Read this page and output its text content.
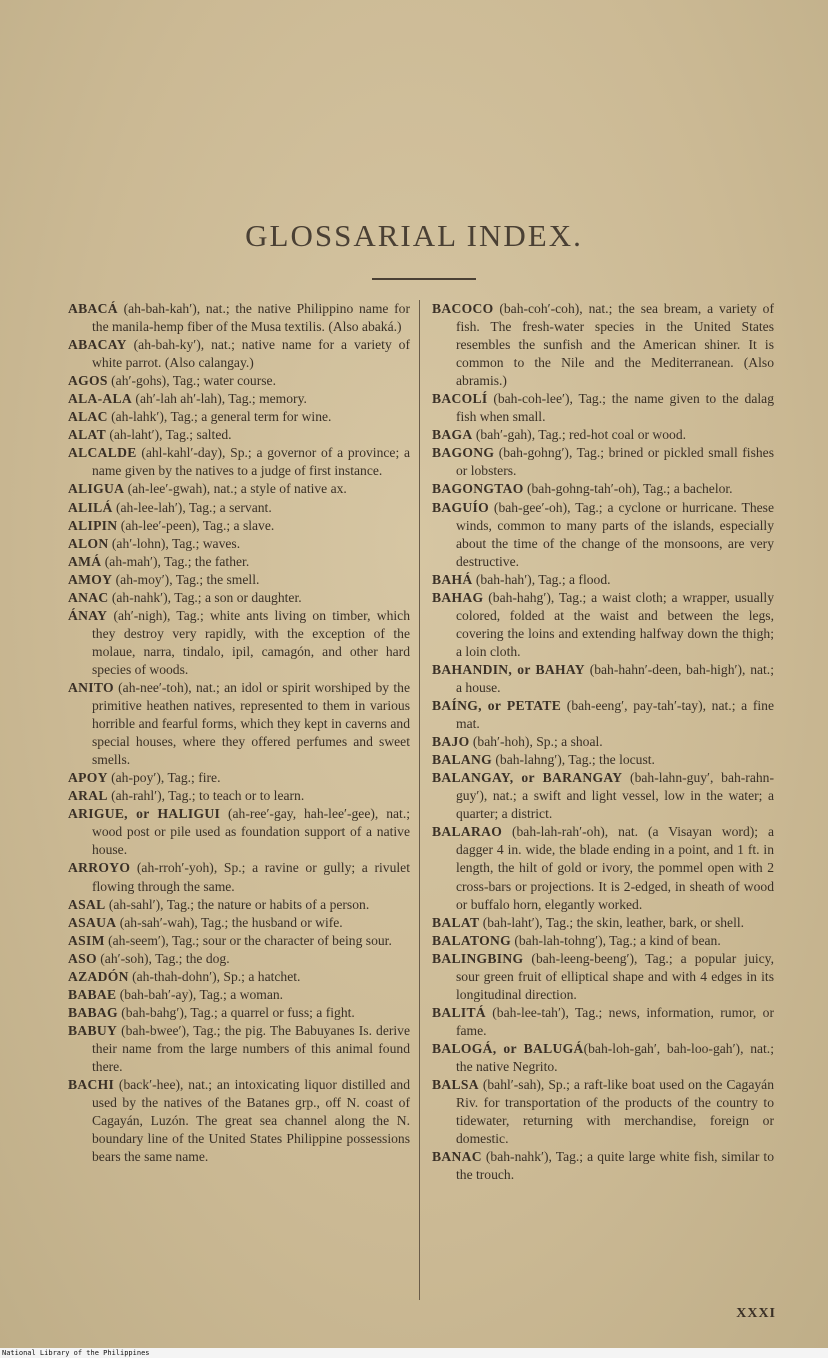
GLOSSARIAL INDEX.

ABACÁ (ah-bah-kah′), nat.; the native Philippino name for the manila-hemp fiber of the Musa textilis. (Also abaká.)

ABACAY (ah-bah-ky′), nat.; native name for a variety of white parrot. (Also calangay.)

AGOS (ah′-gohs), Tag.; water course.

ALA-ALA (ah′-lah ah′-lah), Tag.; memory.

ALAC (ah-lahk′), Tag.; a general term for wine.

ALAT (ah-laht′), Tag.; salted.

ALCALDE (ahl-kahl′-day), Sp.; a governor of a province; a name given by the natives to a judge of first instance.

ALIGUA (ah-lee′-gwah), nat.; a style of native ax.

ALILÁ (ah-lee-lah′), Tag.; a servant.

ALIPIN (ah-lee′-peen), Tag.; a slave.

ALON (ah′-lohn), Tag.; waves.

AMÁ (ah-mah′), Tag.; the father.

AMOY (ah-moy′), Tag.; the smell.

ANAC (ah-nahk′), Tag.; a son or daughter.

ÁNAY (ah′-nigh), Tag.; white ants living on timber, which they destroy very rapidly, with the exception of the molaue, narra, tindalo, ipil, camagón, and other hard species of woods.

ANITO (ah-nee′-toh), nat.; an idol or spirit worshiped by the primitive heathen natives, represented to them in various horrible and fearful forms, which they kept in caverns and special houses, where they offered perfumes and sweet smells.

APOY (ah-poy′), Tag.; fire.

ARAL (ah-rahl′), Tag.; to teach or to learn.

ARIGUE, or HALIGUI (ah-ree′-gay, hah-lee′-gee), nat.; wood post or pile used as foundation support of a native house.

ARROYO (ah-rroh′-yoh), Sp.; a ravine or gully; a rivulet flowing through the same.

ASAL (ah-sahl′), Tag.; the nature or habits of a person.

ASAUA (ah-sah′-wah), Tag.; the husband or wife.

ASIM (ah-seem′), Tag.; sour or the character of being sour.

ASO (ah′-soh), Tag.; the dog.

AZADÓN (ah-thah-dohn′), Sp.; a hatchet.

BABAE (bah-bah′-ay), Tag.; a woman.

BABAG (bah-bahg′), Tag.; a quarrel or fuss; a fight.

BABUY (bah-bwee′), Tag.; the pig. The Babuyanes Is. derive their name from the large numbers of this animal found there.

BACHI (back′-hee), nat.; an intoxicating liquor distilled and used by the natives of the Batanes grp., off N. coast of Cagayán, Luzón. The great sea channel along the N. boundary line of the United States Philippine possessions bears the same name.

BACOCO (bah-coh′-coh), nat.; the sea bream, a variety of fish. The fresh-water species in the United States resembles the sunfish and the American shiner. It is common to the Nile and the Mediterranean. (Also abramis.)

BACOLÍ (bah-coh-lee′), Tag.; the name given to the dalag fish when small.

BAGA (bah′-gah), Tag.; red-hot coal or wood.

BAGONG (bah-gohng′), Tag.; brined or pickled small fishes or lobsters.

BAGONGTAO (bah-gohng-tah′-oh), Tag.; a bachelor.

BAGUÍO (bah-gee′-oh), Tag.; a cyclone or hurricane. These winds, common to many parts of the islands, especially about the time of the change of the monsoons, are very destructive.

BAHÁ (bah-hah′), Tag.; a flood.

BAHAG (bah-hahg′), Tag.; a waist cloth; a wrapper, usually colored, folded at the waist and between the legs, covering the loins and extending halfway down the thigh; a loin cloth.

BAHANDIN, or BAHAY (bah-hahn′-deen, bah-high′), nat.; a house.

BAÍNG, or PETATE (bah-eeng′, pay-tah′-tay), nat.; a fine mat.

BAJO (bah′-hoh), Sp.; a shoal.

BALANG (bah-lahng′), Tag.; the locust.

BALANGAY, or BARANGAY (bah-lahn-guy′, bah-rahn-guy′), nat.; a swift and light vessel, low in the water; a quarter; a district.

BALARAO (bah-lah-rah′-oh), nat. (a Visayan word); a dagger 4 in. wide, the blade ending in a point, and 1 ft. in length, the hilt of gold or ivory, the pommel open with 2 cross-bars or projections. It is 2-edged, in sheath of wood or buffalo horn, elegantly worked.

BALAT (bah-laht′), Tag.; the skin, leather, bark, or shell.

BALATONG (bah-lah-tohng′), Tag.; a kind of bean.

BALINGBING (bah-leeng-beeng′), Tag.; a popular juicy, sour green fruit of elliptical shape and with 4 edges in its longitudinal direction.

BALITÁ (bah-lee-tah′), Tag.; news, information, rumor, or fame.

BALOGÁ, or BALUGÁ(bah-loh-gah′, bah-loo-gah′), nat.; the native Negrito.

BALSA (bahl′-sah), Sp.; a raft-like boat used on the Cagayán Riv. for transportation of the products of the country to tidewater, returning with merchandise, foreign or domestic.

BANAC (bah-nahk′), Tag.; a quite large white fish, similar to the trouch.

XXXI
National Library of the Philippines
